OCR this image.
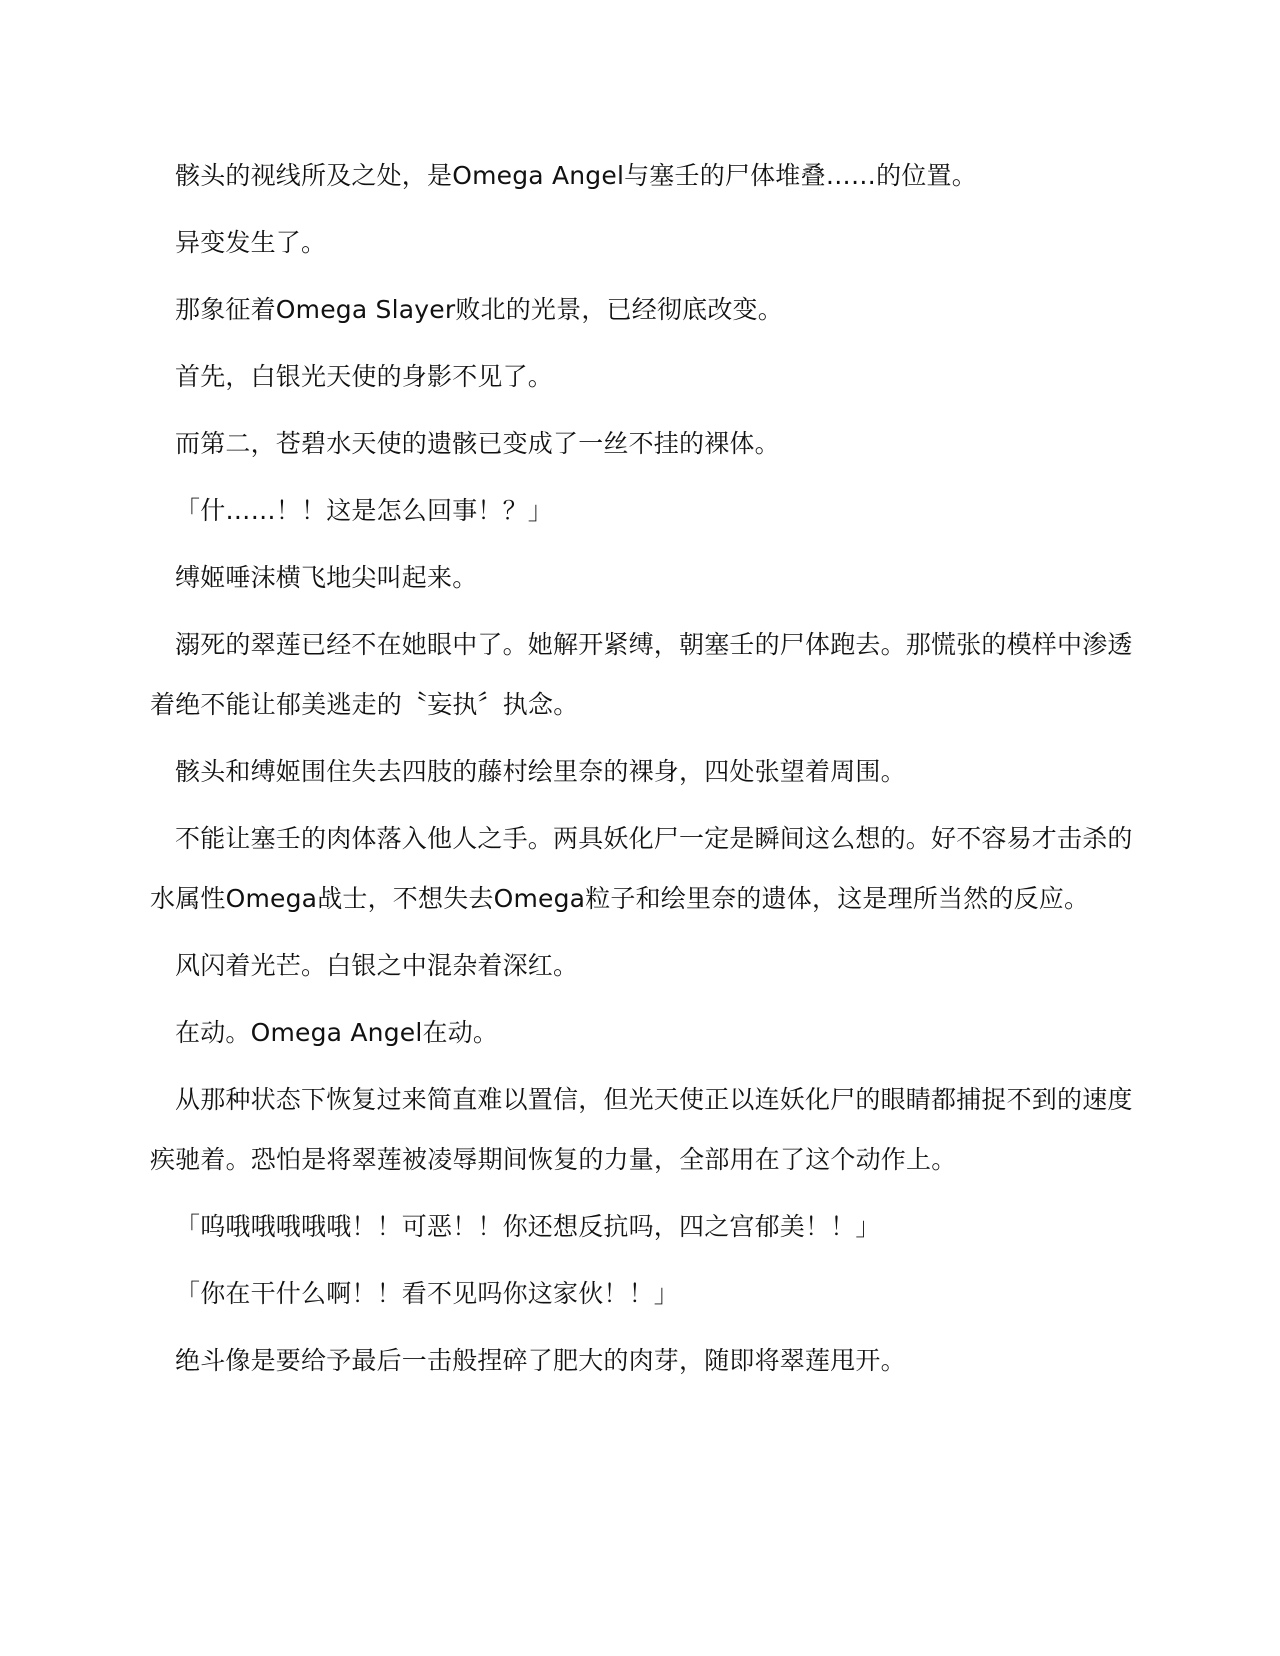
骸头的视线所及之处，是Omega Angel与塞壬的尸体堆叠……的位置。

异变发生了。

那象征着Omega Slayer败北的光景，已经彻底改变。

首先，白银光天使的身影不见了。

而第二，苍碧水天使的遗骸已变成了一丝不挂的裸体。

「什……！！这是怎么回事！？」

缚姬唾沫横飞地尖叫起来。

溺死的翠莲已经不在她眼中了。她解开紧缚，朝塞壬的尸体跑去。那慌张的模样中渗透着绝不能让郁美逃走的〝妄执〞执念。

骸头和缚姬围住失去四肢的藤村绘里奈的裸身，四处张望着周围。

不能让塞壬的肉体落入他人之手。两具妖化尸一定是瞬间这么想的。好不容易才击杀的水属性Omega战士，不想失去Omega粒子和绘里奈的遗体，这是理所当然的反应。

风闪着光芒。白银之中混杂着深红。

在动。Omega Angel在动。

从那种状态下恢复过来简直难以置信，但光天使正以连妖化尸的眼睛都捕捉不到的速度疾驰着。恐怕是将翠莲被凌辱期间恢复的力量，全部用在了这个动作上。

「呜哦哦哦哦哦！！可恶！！你还想反抗吗，四之宫郁美！！」

「你在干什么啊！！看不见吗你这家伙！！」

绝斗像是要给予最后一击般捏碎了肥大的肉芽，随即将翠莲甩开。
